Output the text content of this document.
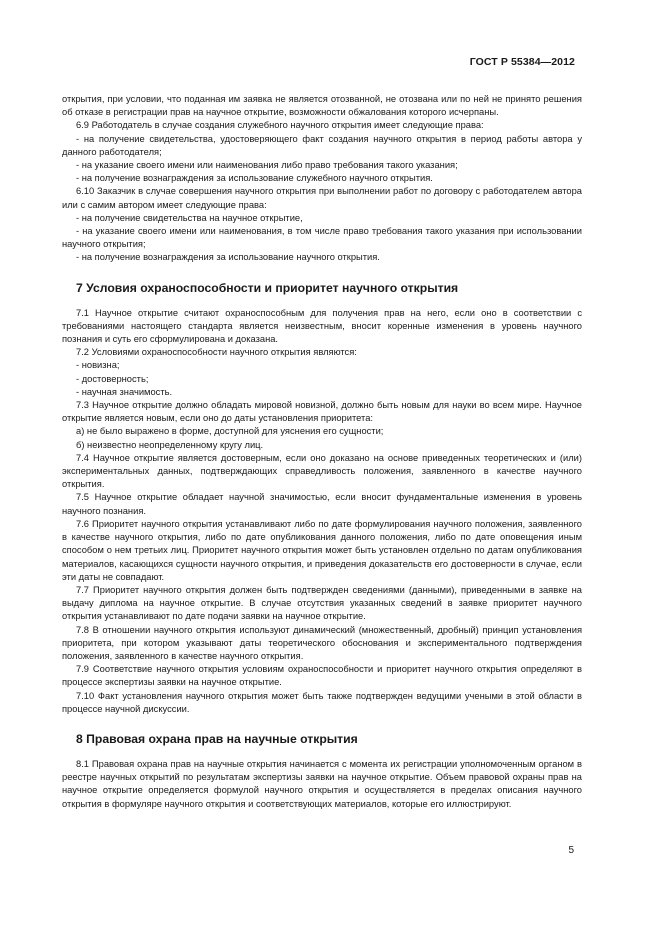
ГОСТ Р 55384—2012

открытия, при условии, что поданная им заявка не является отозванной, не отозвана или по ней не принято решения об отказе в регистрации прав на научное открытие, возможности обжалования которого исчерпаны.

6.9 Работодатель в случае создания служебного научного открытия имеет следующие права:

- на получение свидетельства, удостоверяющего факт создания научного открытия в период работы автора у данного работодателя;

- на указание своего имени или наименования либо право требования такого указания;

- на получение вознаграждения за использование служебного научного открытия.

6.10 Заказчик в случае совершения научного открытия при выполнении работ по договору с работодателем автора или с самим автором имеет следующие права:

- на получение свидетельства на научное открытие,

- на указание своего имени или наименования, в том числе право требования такого указания при использовании научного открытия;

- на получение вознаграждения за использование научного открытия.

7 Условия охраноспособности и приоритет научного открытия

7.1 Научное открытие считают охраноспособным для получения прав на него, если оно в соответствии с требованиями настоящего стандарта является неизвестным, вносит коренные изменения в уровень научного познания и суть его сформулирована и доказана.

7.2 Условиями охраноспособности научного открытия являются:

- новизна;

- достоверность;

- научная значимость.

7.3 Научное открытие должно обладать мировой новизной, должно быть новым для науки во всем мире. Научное открытие является новым, если оно до даты установления приоритета:

а) не было выражено в форме, доступной для уяснения его сущности;

б) неизвестно неопределенному кругу лиц.

7.4 Научное открытие является достоверным, если оно доказано на основе приведенных теоретических и (или) экспериментальных данных, подтверждающих справедливость положения, заявленного в качестве научного открытия.

7.5 Научное открытие обладает научной значимостью, если вносит фундаментальные изменения в уровень научного познания.

7.6 Приоритет научного открытия устанавливают либо по дате формулирования научного положения, заявленного в качестве научного открытия, либо по дате опубликования данного положения, либо по дате оповещения иным способом о нем третьих лиц. Приоритет научного открытия может быть установлен отдельно по датам опубликования материалов, касающихся сущности научного открытия, и приведения доказательств его достоверности в случае, если эти даты не совпадают.

7.7 Приоритет научного открытия должен быть подтвержден сведениями (данными), приведенными в заявке на выдачу диплома на научное открытие. В случае отсутствия указанных сведений в заявке приоритет научного открытия устанавливают по дате подачи заявки на научное открытие.

7.8 В отношении научного открытия используют динамический (множественный, дробный) принцип установления приоритета, при котором указывают даты теоретического обоснования и экспериментального подтверждения положения, заявленного в качестве научного открытия.

7.9 Соответствие научного открытия условиям охраноспособности и приоритет научного открытия определяют в процессе экспертизы заявки на научное открытие.

7.10 Факт установления научного открытия может быть также подтвержден ведущими учеными в этой области в процессе научной дискуссии.

8 Правовая охрана прав на научные открытия

8.1 Правовая охрана прав на научные открытия начинается с момента их регистрации уполномоченным органом в реестре научных открытий по результатам экспертизы заявки на научное открытие. Объем правовой охраны прав на научное открытие определяется формулой научного открытия и осуществляется в пределах описания научного открытия в формуляре научного открытия и соответствующих материалов, которые его иллюстрируют.

5
